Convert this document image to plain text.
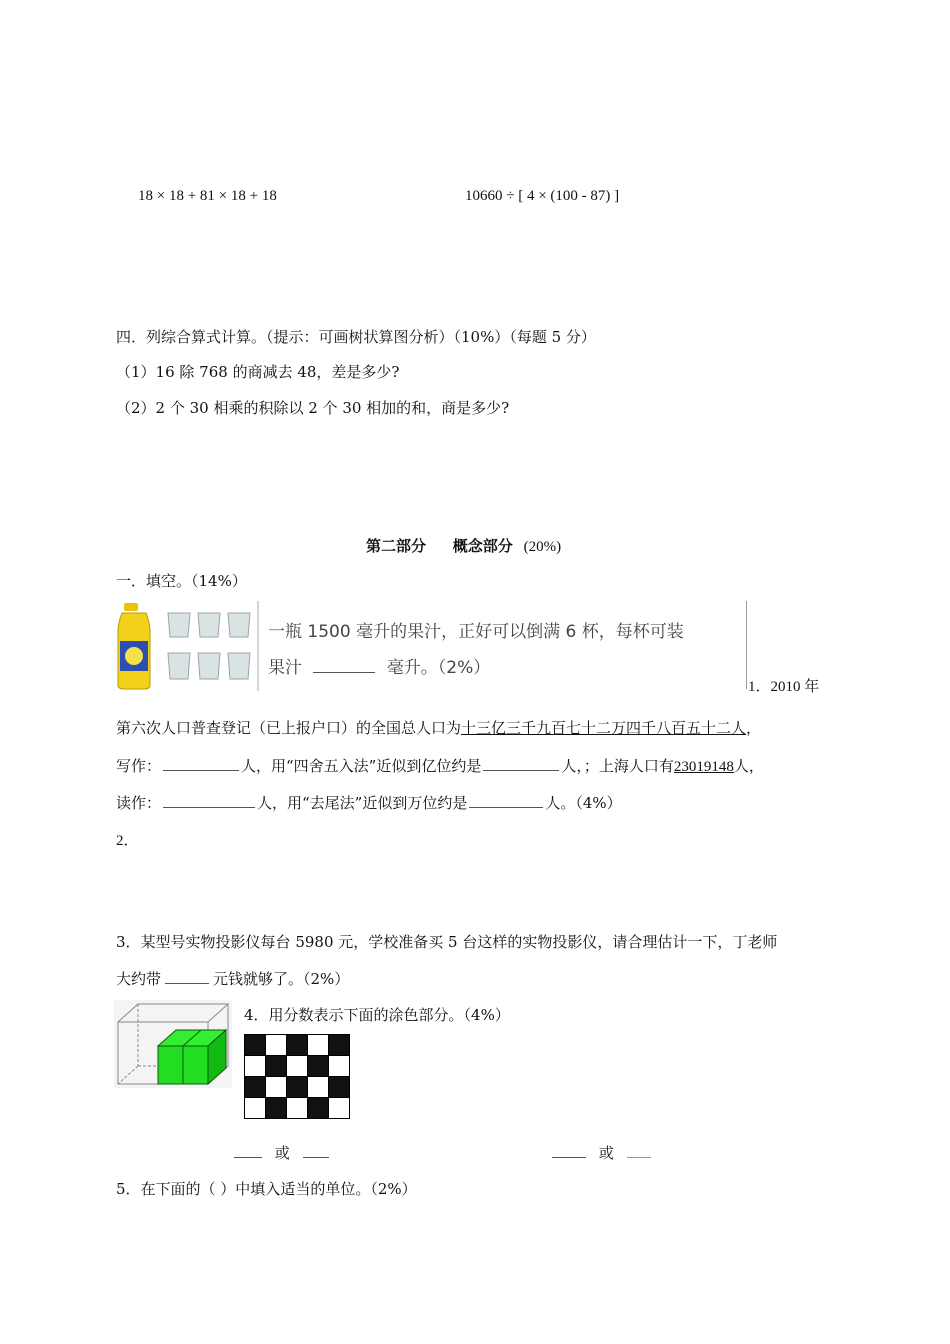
18 × 18 + 81 × 18 + 18	10660 ÷ [ 4 × (100 - 87) ]
四．列综合算式计算。（提示：可画树状算图分析）（10%）（每题 5 分）
（1）16 除 768 的商减去 48，差是多少?
（2）2 个 30 相乘的积除以 2 个 30 相加的和，商是多少?
第二部分 概念部分 (20%)
一．填空。（14%）
一瓶 1500 毫升的果汁，正好可以倒满 6 杯，每杯可装
果汁	毫升。（2%）
1．2010 年
第六次人口普查登记（已上报户口）的全国总人口为十三亿三千九百七十二万四千八百五十二人，
写作：	人，用“四舍五入法”近似到亿位约是	人，；上海人口有23019148人，
读作：	人，用“去尾法”近似到万位约是	人。（4%）
2．
3．某型号实物投影仪每台 5980 元，学校准备买 5 台这样的实物投影仪，请合理估计一下，丁老师
大约带	元钱就够了。（2%）
4．用分数表示下面的涂色部分。（4%）

或	或
5．在下面的（ ）中填入适当的单位。（2%）
